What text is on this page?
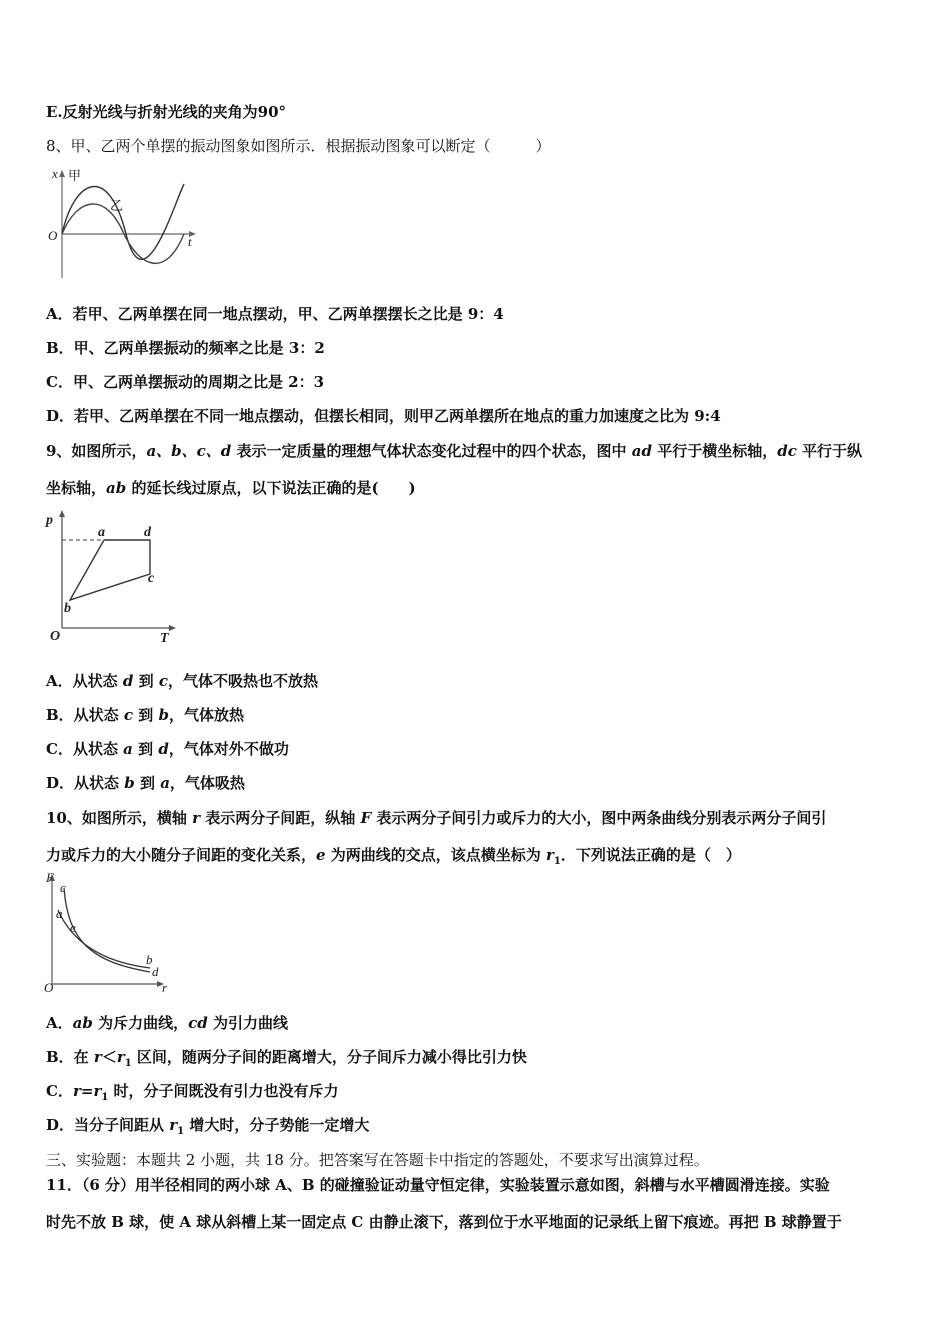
E.反射光线与折射光线的夹角为90°
8、甲、乙两个单摆的振动图象如图所示．根据振动图象可以断定（　　　）
x 甲
乙
O	t
A．若甲、乙两单摆在同一地点摆动，甲、乙两单摆摆长之比是 9：4
B．甲、乙两单摆振动的频率之比是 3：2
C．甲、乙两单摆振动的周期之比是 2：3
D．若甲、乙两单摆在不同一地点摆动，但摆长相同，则甲乙两单摆所在地点的重力加速度之比为 9:4
9、如图所示，a、b、c、d 表示一定质量的理想气体状态变化过程中的四个状态，图中 ad 平行于横坐标轴，dc 平行于纵
坐标轴，ab 的延长线过原点，以下说法正确的是(　　)
p
a	d
c
b
O	T
A．从状态 d 到 c，气体不吸热也不放热
B．从状态 c 到 b，气体放热
C．从状态 a 到 d，气体对外不做功
D．从状态 b 到 a，气体吸热
10、如图所示，横轴 r 表示两分子间距，纵轴 F 表示两分子间引力或斥力的大小，图中两条曲线分别表示两分子间引
力或斥力的大小随分子间距的变化关系，e 为两曲线的交点，该点横坐标为 $r_1$．下列说法正确的是（　）
F
c
a
e
b
d
O	r
A．ab 为斥力曲线，cd 为引力曲线
B．在 $r<r_1$ 区间，随两分子间的距离增大，分子间斥力减小得比引力快
C．$r=r_1$ 时，分子间既没有引力也没有斥力
D．当分子间距从 $r_1$ 增大时，分子势能一定增大
三、实验题：本题共 2 小题，共 18 分。把答案写在答题卡中指定的答题处，不要求写出演算过程。
11．（6 分）用半径相同的两小球 A、B 的碰撞验证动量守恒定律，实验装置示意如图，斜槽与水平槽圆滑连接。实验
时先不放 B 球，使 A 球从斜槽上某一固定点 C 由静止滚下，落到位于水平地面的记录纸上留下痕迹。再把 B 球静置于
